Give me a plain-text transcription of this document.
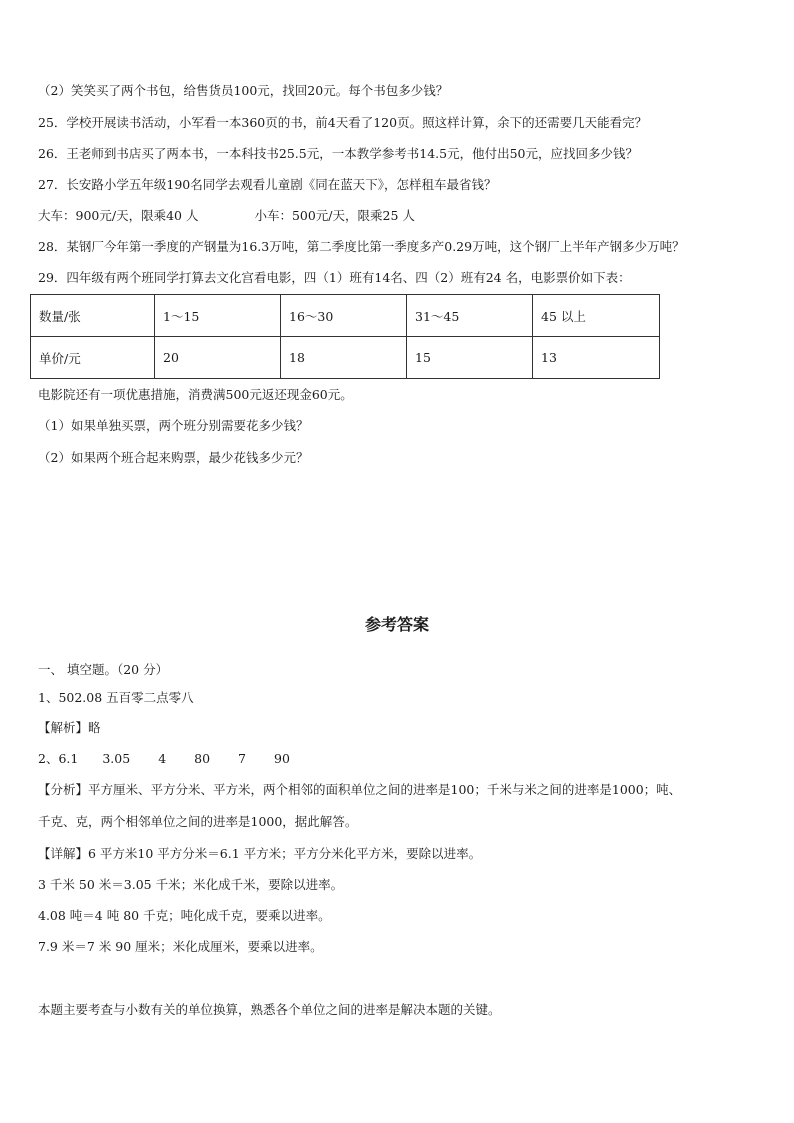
（2）笑笑买了两个书包，给售货员100元，找回20元。每个书包多少钱？
25．学校开展读书活动，小军看一本360页的书，前4天看了120页。照这样计算，余下的还需要几天能看完？
26．王老师到书店买了两本书，一本科技书25.5元，一本教学参考书14.5元，他付出50元，应找回多少钱？
27．长安路小学五年级190名同学去观看儿童剧《同在蓝天下》，怎样租车最省钱？
大车：900元/天，限乘40 人	小车：500元/天，限乘25 人
28．某钢厂今年第一季度的产钢量为16.3万吨，第二季度比第一季度多产0.29万吨，这个钢厂上半年产钢多少万吨？
29．四年级有两个班同学打算去文化宫看电影，四（1）班有14名、四（2）班有24 名，电影票价如下表：
数量/张	1～15	16～30	31～45	45 以上
单价/元	20	18	15	13
电影院还有一项优惠措施，消费满500元返还现金60元。
（1）如果单独买票，两个班分别需要花多少钱？
（2）如果两个班合起来购票，最少花钱多少元？
参考答案
一、 填空题。（20 分）
1、502.08 五百零二点零八
【解析】略
2、6.1 3.05 4 80 7 90
【分析】平方厘米、平方分米、平方米，两个相邻的面积单位之间的进率是100；千米与米之间的进率是1000；吨、
千克、克，两个相邻单位之间的进率是1000，据此解答。
【详解】6 平方米10 平方分米＝6.1 平方米；平方分米化平方米，要除以进率。
3 千米 50 米＝3.05 千米；米化成千米，要除以进率。
4.08 吨＝4 吨 80 千克；吨化成千克，要乘以进率。
7.9 米＝7 米 90 厘米；米化成厘米，要乘以进率。
本题主要考查与小数有关的单位换算，熟悉各个单位之间的进率是解决本题的关键。
